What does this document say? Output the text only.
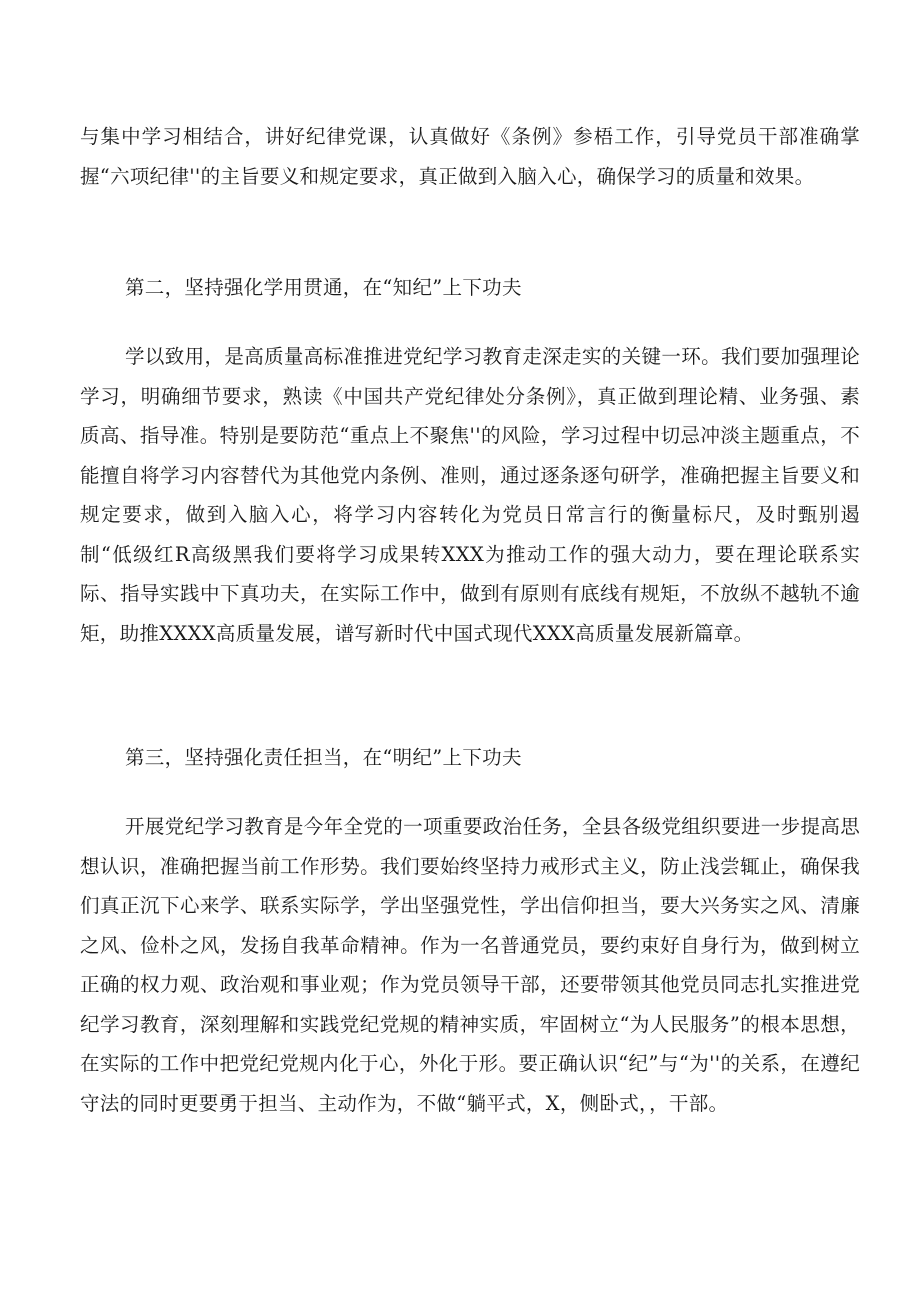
与集中学习相结合，讲好纪律党课，认真做好《条例》参梧工作，引导党员干部准确掌握“六项纪律''的主旨要义和规定要求，真正做到入脑入心，确保学习的质量和效果。

第二，坚持强化学用贯通，在“知纪”上下功夫

学以致用，是高质量高标准推进党纪学习教育走深走实的关键一环。我们要加强理论学习，明确细节要求，熟读《中国共产党纪律处分条例》，真正做到理论精、业务强、素质高、指导准。特别是要防范“重点上不聚焦''的风险，学习过程中切忌冲淡主题重点，不能擅自将学习内容替代为其他党内条例、准则，通过逐条逐句研学，准确把握主旨要义和规定要求，做到入脑入心，将学习内容转化为党员日常言行的衡量标尺，及时甄别遏制“低级红R高级黑我们要将学习成果转XXX为推动工作的强大动力，要在理论联系实际、指导实践中下真功夫，在实际工作中，做到有原则有底线有规矩，不放纵不越轨不逾矩，助推XXXX高质量发展，谱写新时代中国式现代XXX高质量发展新篇章。

第三，坚持强化责任担当，在“明纪”上下功夫

开展党纪学习教育是今年全党的一项重要政治任务，全县各级党组织要进一步提高思想认识，准确把握当前工作形势。我们要始终坚持力戒形式主义，防止浅尝辄止，确保我们真正沉下心来学、联系实际学，学出坚强党性，学出信仰担当，要大兴务实之风、清廉之风、俭朴之风，发扬自我革命精神。作为一名普通党员，要约束好自身行为，做到树立正确的权力观、政治观和事业观；作为党员领导干部，还要带领其他党员同志扎实推进党纪学习教育，深刻理解和实践党纪党规的精神实质，牢固树立“为人民服务”的根本思想，在实际的工作中把党纪党规内化于心，外化于形。要正确认识“纪”与“为''的关系，在遵纪守法的同时更要勇于担当、主动作为，不做“躺平式，X，侧卧式，，干部。
